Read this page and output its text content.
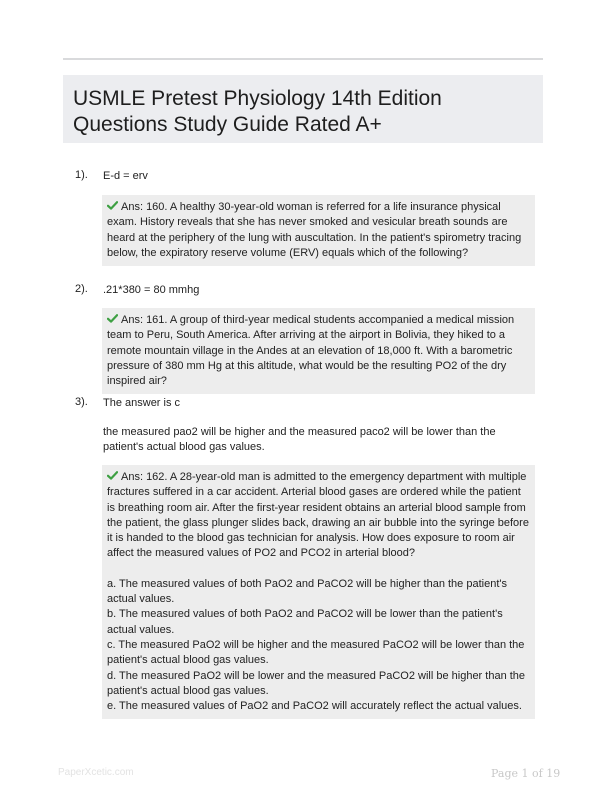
USMLE Pretest Physiology 14th Edition
Questions Study Guide Rated A+
1). E-d = erv

Ans: 160. A healthy 30-year-old woman is referred for a life insurance physical exam. History reveals that she has never smoked and vesicular breath sounds are heard at the periphery of the lung with auscultation. In the patient's spirometry tracing below, the expiratory reserve volume (ERV) equals which of the following?

2). .21*380 = 80 mmhg

Ans: 161. A group of third-year medical students accompanied a medical mission team to Peru, South America. After arriving at the airport in Bolivia, they hiked to a remote mountain village in the Andes at an elevation of 18,000 ft. With a barometric pressure of 380 mm Hg at this altitude, what would be the resulting PO2 of the dry inspired air?

3). The answer is c
the measured pao2 will be higher and the measured paco2 will be lower than the patient's actual blood gas values.

Ans: 162. A 28-year-old man is admitted to the emergency department with multiple fractures suffered in a car accident. Arterial blood gases are ordered while the patient is breathing room air. After the first-year resident obtains an arterial blood sample from the patient, the glass plunger slides back, drawing an air bubble into the syringe before it is handed to the blood gas technician for analysis. How does exposure to room air affect the measured values of PO2 and PCO2 in arterial blood?

a. The measured values of both PaO2 and PaCO2 will be higher than the patient's actual values.

b. The measured values of both PaO2 and PaCO2 will be lower than the patient's actual values.

c. The measured PaO2 will be higher and the measured PaCO2 will be lower than the patient's actual blood gas values.

d. The measured PaO2 will be lower and the measured PaCO2 will be higher than the patient's actual blood gas values.

e. The measured values of PaO2 and PaCO2 will accurately reflect the actual values.

PaperXcetic.com	Page 1 of 19
